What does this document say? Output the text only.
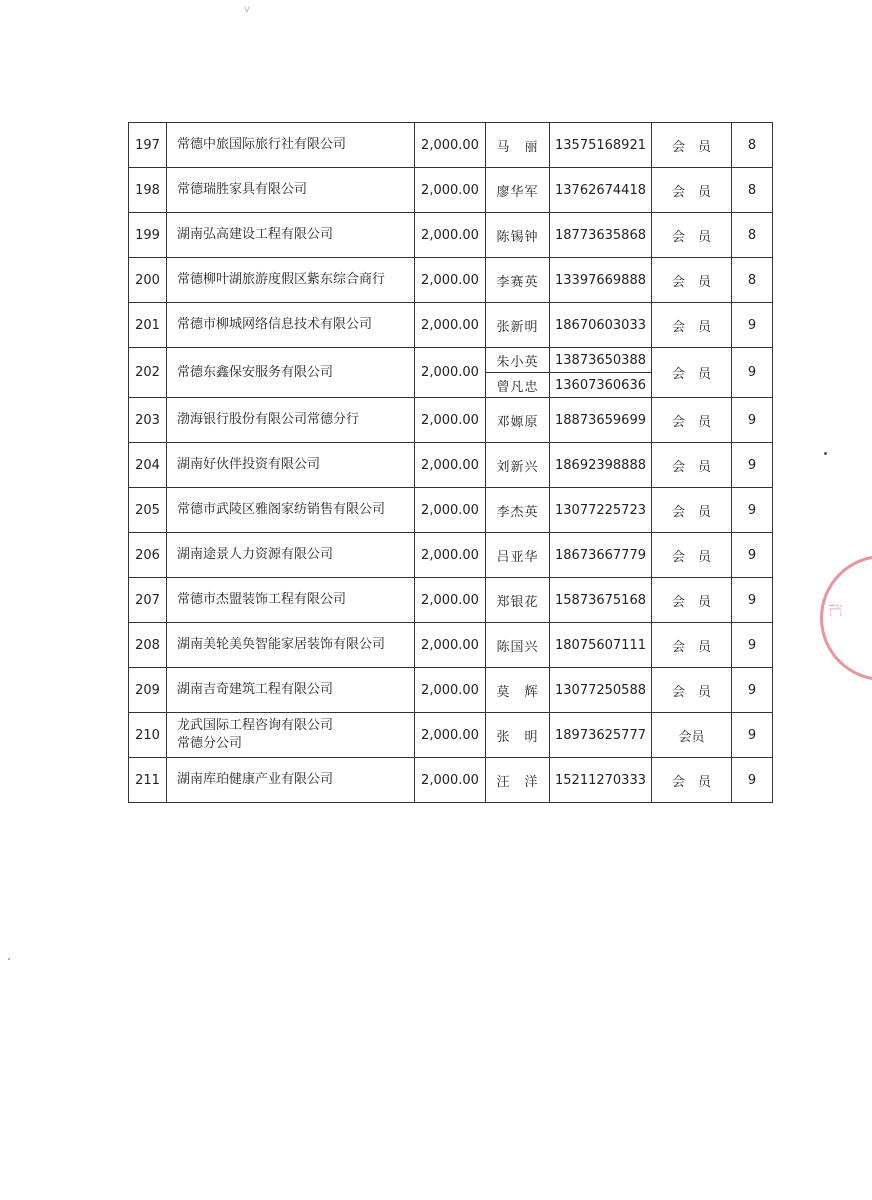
v
汇
197	常德中旅国际旅行社有限公司	2,000.00	马　丽	13575168921	会　员	8
198	常德瑞胜家具有限公司	2,000.00	廖华军	13762674418	会　员	8
199	湖南弘高建设工程有限公司	2,000.00	陈锡钟	18773635868	会　员	8
200	常德柳叶湖旅游度假区紫东综合商行	2,000.00	李赛英	13397669888	会　员	8
201	常德市柳城网络信息技术有限公司	2,000.00	张新明	18670603033	会　员	9
202	常德东鑫保安服务有限公司	2,000.00	朱小英	13873650388	会　员	9
			曾凡忠	13607360636		
203	渤海银行股份有限公司常德分行	2,000.00	邓嫄原	18873659699	会　员	9
204	湖南好伙伴投资有限公司	2,000.00	刘新兴	18692398888	会　员	9
205	常德市武陵区雅阁家纺销售有限公司	2,000.00	李杰英	13077225723	会　员	9
206	湖南途景人力资源有限公司	2,000.00	吕亚华	18673667779	会　员	9
207	常德市杰盟装饰工程有限公司	2,000.00	郑银花	15873675168	会　员	9
208	湖南美轮美奂智能家居装饰有限公司	2,000.00	陈国兴	18075607111	会　员	9
209	湖南吉奇建筑工程有限公司	2,000.00	莫　辉	13077250588	会　员	9
210	龙武国际工程咨询有限公司
常德分公司	2,000.00	张　明	18973625777	会员	9
211	湖南库珀健康产业有限公司	2,000.00	汪　洋	15211270333	会　员	9
